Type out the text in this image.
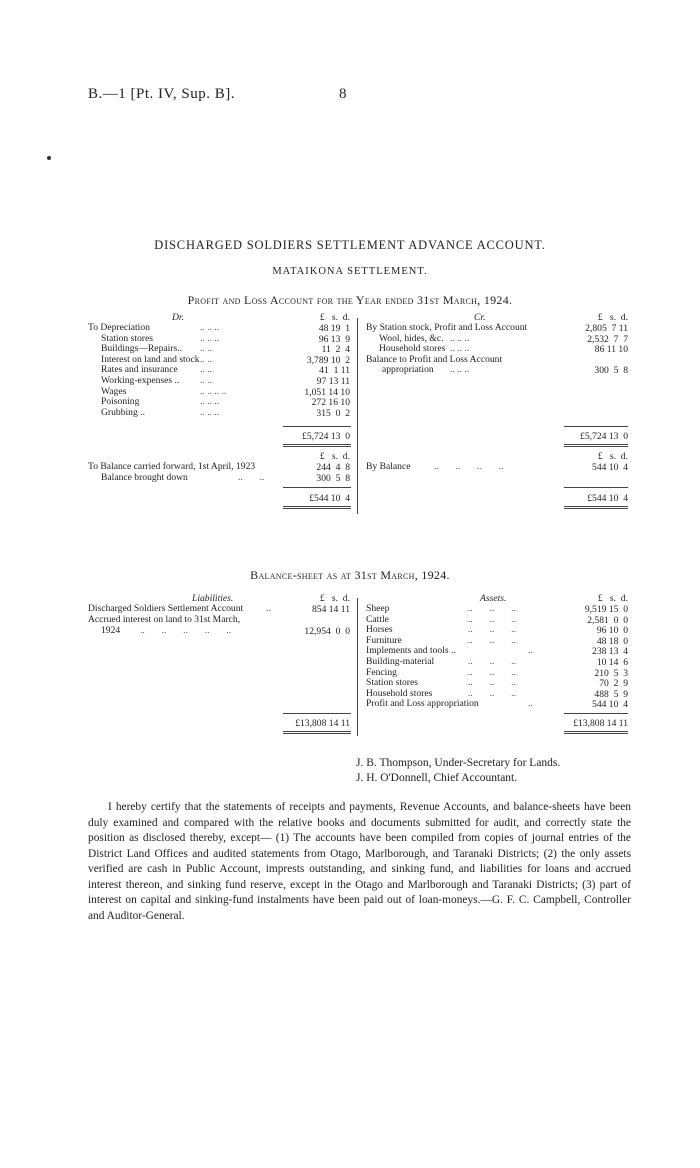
B.—1 [Pt. IV, Sup. B].	8
DISCHARGED SOLDIERS SETTLEMENT ADVANCE ACCOUNT.
MATAIKONA SETTLEMENT.
Profit and Loss Account for the Year ended 31st March, 1924.
Dr.	£   s.  d.	Cr.	£   s.  d.
To Depreciation	.. .. ..	48 19  1
Station stores	.. .. ..	96 13  9
Buildings—Repairs.. .. ..	11  2  4
Interest on land and stock .. ..	3,789 10  2
Rates and insurance .. ..	41  1 11
Working-expenses .. .. ..	97 13 11
Wages	.. .. .. ..	1,051 14 10
Poisoning	.. .. ..	272 16 10
Grubbing ..	.. .. ..	315  0  2
By Station stock, Profit and Loss Account	2,805  7 11
Wool, hides, &c. .. .. ..	2,532  7  7
Household stores .. .. ..	86 11 10
Balance to Profit and Loss Account
appropriation .. .. ..	300  5  8
£5,724 13  0	£5,724 13  0
£   s.  d.	£   s.  d.
To Balance carried forward, 1st April, 1923	244  4  8
Balance brought down	..       ..	300  5  8
By Balance ..       ..       ..       ..	544 10  4
£544 10  4	£544 10  4
Balance-sheet as at 31st March, 1924.
Liabilities.	£   s.  d.	Assets.	£   s.  d.
Discharged Soldiers Settlement Account ..	854 14 11
Accrued interest on land to 31st March,
1924 ..       ..       ..       ..       ..	12,954  0  0
Sheep	9,519 15  0
Cattle	2,581  0  0
Horses	96 10  0
Furniture	48 18  0
Implements and tools ..	238 13  4
Building-material	10 14  6
Fencing	210  5  3
Station stores	70  2  9
Household stores	488  5  9
Profit and Loss appropriation	544 10  4
..       ..       ..
..       ..       ..
..       ..       ..
..       ..       ..
..
..       ..       ..
..       ..       ..
..       ..       ..
..       ..       ..
..
£13,808 14 11	£13,808 14 11
J. B. Thompson, Under-Secretary for Lands.
J. H. O'Donnell, Chief Accountant.
I hereby certify that the statements of receipts and payments, Revenue Accounts, and balance-sheets have been duly examined and compared with the relative books and documents submitted for audit, and correctly state the position as disclosed thereby, except— (1) The accounts have been compiled from copies of journal entries of the District Land Offices and audited statements from Otago, Marlborough, and Taranaki Districts; (2) the only assets verified are cash in Public Account, imprests outstanding, and sinking fund, and liabilities for loans and accrued interest thereon, and sinking fund reserve, except in the Otago and Marlborough and Taranaki Districts; (3) part of interest on capital and sinking-fund instalments have been paid out of loan-moneys.—G. F. C. Campbell, Controller and Auditor-General.
